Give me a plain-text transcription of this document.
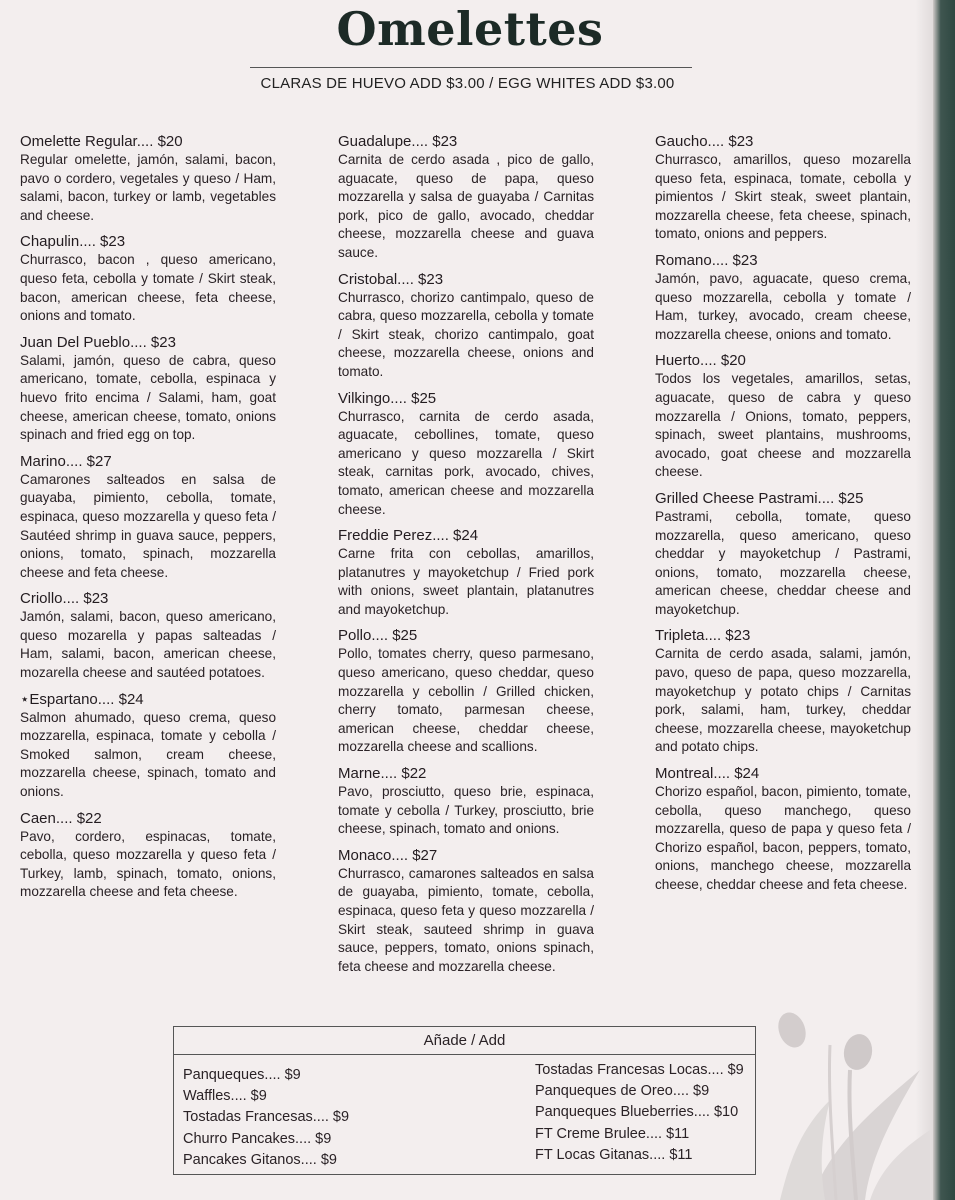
Omelettes
CLARAS DE HUEVO ADD $3.00 / EGG WHITES ADD $3.00
Omelette Regular.... $20
Regular omelette, jamón, salami, bacon, pavo o cordero, vegetales y queso / Ham, salami, bacon, turkey or lamb, vegetables and cheese.
Chapulin.... $23
Churrasco, bacon , queso americano, queso feta, cebolla y tomate / Skirt steak, bacon, american cheese, feta cheese, onions and tomato.
Juan Del Pueblo.... $23
Salami, jamón, queso de cabra, queso americano, tomate, cebolla, espinaca y huevo frito encima / Salami, ham, goat cheese, american cheese, tomato, onions spinach and fried egg on top.
Marino.... $27
Camarones salteados en salsa de guayaba, pimiento, cebolla, tomate, espinaca, queso mozzarella y queso feta / Sautéed shrimp in guava sauce, peppers, onions, tomato, spinach, mozzarella cheese and feta cheese.
Criollo.... $23
Jamón, salami, bacon, queso americano, queso mozarella y papas salteadas / Ham, salami, bacon, american cheese, mozarella cheese and sautéed potatoes.
⋆Espartano.... $24
Salmon ahumado, queso crema, queso mozzarella, espinaca, tomate y cebolla / Smoked salmon, cream cheese, mozzarella cheese, spinach, tomato and onions.
Caen.... $22
Pavo, cordero, espinacas, tomate, cebolla, queso mozzarella y queso feta / Turkey, lamb, spinach, tomato, onions, mozzarella cheese and feta cheese.
Guadalupe.... $23
Carnita de cerdo asada , pico de gallo, aguacate, queso de papa, queso mozzarella y salsa de guayaba / Carnitas pork, pico de gallo, avocado, cheddar cheese, mozzarella cheese and guava sauce.
Cristobal.... $23
Churrasco, chorizo cantimpalo, queso de cabra, queso mozzarella, cebolla y tomate / Skirt steak, chorizo cantimpalo, goat cheese, mozzarella cheese, onions and tomato.
Vilkingo.... $25
Churrasco, carnita de cerdo asada, aguacate, cebollines, tomate, queso americano y queso mozzarella / Skirt steak, carnitas pork, avocado, chives, tomato, american cheese and mozzarella cheese.
Freddie Perez.... $24
Carne frita con cebollas, amarillos, platanutres y mayoketchup / Fried pork with onions, sweet plantain, platanutres and mayoketchup.
Pollo.... $25
Pollo, tomates cherry, queso parmesano, queso americano, queso cheddar, queso mozzarella y cebollin / Grilled chicken, cherry tomato, parmesan cheese, american cheese, cheddar cheese, mozzarella cheese and scallions.
Marne.... $22
Pavo, prosciutto, queso brie, espinaca, tomate y cebolla / Turkey, prosciutto, brie cheese, spinach, tomato and onions.
Monaco.... $27
Churrasco, camarones salteados en salsa de guayaba, pimiento, tomate, cebolla, espinaca, queso feta y queso mozzarella / Skirt steak, sauteed shrimp in guava sauce, peppers, tomato, onions spinach, feta cheese and mozzarella cheese.
Gaucho.... $23
Churrasco, amarillos, queso mozarella queso feta, espinaca, tomate, cebolla y pimientos / Skirt steak, sweet plantain, mozzarella cheese, feta cheese, spinach, tomato, onions and peppers.
Romano.... $23
Jamón, pavo, aguacate, queso crema, queso mozzarella, cebolla y tomate / Ham, turkey, avocado, cream cheese, mozzarella cheese, onions and tomato.
Huerto.... $20
Todos los vegetales, amarillos, setas, aguacate, queso de cabra y queso mozzarella / Onions, tomato, peppers, spinach, sweet plantains, mushrooms, avocado, goat cheese and mozzarella cheese.
Grilled Cheese Pastrami.... $25
Pastrami, cebolla, tomate, queso mozzarella, queso americano, queso cheddar y mayoketchup / Pastrami, onions, tomato, mozzarella cheese, american cheese, cheddar cheese and mayoketchup.
Tripleta.... $23
Carnita de cerdo asada, salami, jamón, pavo, queso de papa, queso mozzarella, mayoketchup y potato chips / Carnitas pork, salami, ham, turkey, cheddar cheese, mozzarella cheese, mayoketchup and potato chips.
Montreal.... $24
Chorizo español, bacon, pimiento, tomate, cebolla, queso manchego, queso mozzarella, queso de papa y queso feta / Chorizo español, bacon, peppers, tomato, onions, manchego cheese, mozzarella cheese, cheddar cheese and feta cheese.
Añade / Add
Panqueques.... $9
Waffles.... $9
Tostadas Francesas.... $9
Churro Pancakes.... $9
Pancakes Gitanos.... $9
Tostadas Francesas Locas.... $9
Panqueques de Oreo.... $9
Panqueques Blueberries.... $10
FT Creme Brulee.... $11
FT Locas Gitanas.... $11
